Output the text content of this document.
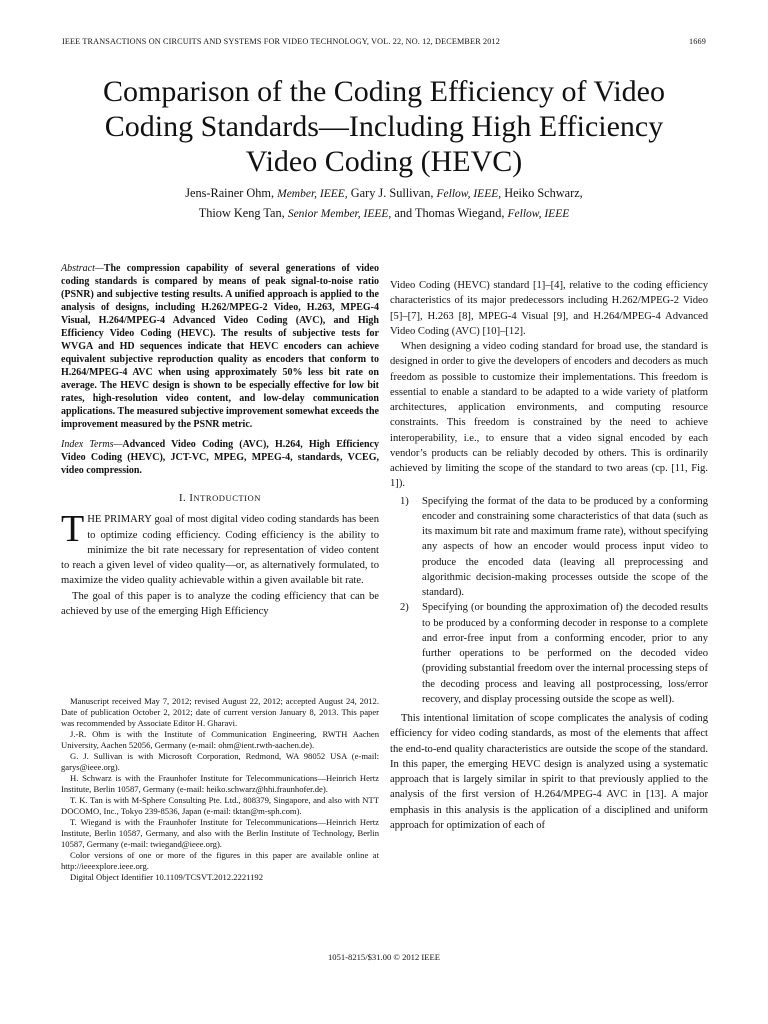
IEEE TRANSACTIONS ON CIRCUITS AND SYSTEMS FOR VIDEO TECHNOLOGY, VOL. 22, NO. 12, DECEMBER 2012	1669
Comparison of the Coding Efficiency of Video
Coding Standards—Including High Efficiency
Video Coding (HEVC)
Jens-Rainer Ohm, Member, IEEE, Gary J. Sullivan, Fellow, IEEE, Heiko Schwarz,
Thiow Keng Tan, Senior Member, IEEE, and Thomas Wiegand, Fellow, IEEE

Abstract—The compression capability of several generations of video coding standards is compared by means of peak signal-to-noise ratio (PSNR) and subjective testing results. A unified approach is applied to the analysis of designs, including H.262/MPEG-2 Video, H.263, MPEG-4 Visual, H.264/MPEG-4 Advanced Video Coding (AVC), and High Efficiency Video Coding (HEVC). The results of subjective tests for WVGA and HD sequences indicate that HEVC encoders can achieve equivalent subjective reproduction quality as encoders that conform to H.264/MPEG-4 AVC when using approximately 50% less bit rate on average. The HEVC design is shown to be especially effective for low bit rates, high-resolution video content, and low-delay communication applications. The measured subjective improvement somewhat exceeds the improvement measured by the PSNR metric.

Index Terms—Advanced Video Coding (AVC), H.264, High Efficiency Video Coding (HEVC), JCT-VC, MPEG, MPEG-4, standards, VCEG, video compression.

I. INTRODUCTION

THE PRIMARY goal of most digital video coding standards has been to optimize coding efficiency. Coding efficiency is the ability to minimize the bit rate necessary for representation of video content to reach a given level of video quality—or, as alternatively formulated, to maximize the video quality achievable within a given available bit rate.

The goal of this paper is to analyze the coding efficiency that can be achieved by use of the emerging High Efficiency

Manuscript received May 7, 2012; revised August 22, 2012; accepted August 24, 2012. Date of publication October 2, 2012; date of current version January 8, 2013. This paper was recommended by Associate Editor H. Gharavi.

J.-R. Ohm is with the Institute of Communication Engineering, RWTH Aachen University, Aachen 52056, Germany (e-mail: ohm@ient.rwth-aachen.de).

G. J. Sullivan is with Microsoft Corporation, Redmond, WA 98052 USA (e-mail: garys@ieee.org).

H. Schwarz is with the Fraunhofer Institute for Telecommunications—Heinrich Hertz Institute, Berlin 10587, Germany (e-mail: heiko.schwarz@hhi.fraunhofer.de).

T. K. Tan is with M-Sphere Consulting Pte. Ltd., 808379, Singapore, and also with NTT DOCOMO, Inc., Tokyo 239-8536, Japan (e-mail: tktan@m-sph.com).

T. Wiegand is with the Fraunhofer Institute for Telecommunications—Heinrich Hertz Institute, Berlin 10587, Germany, and also with the Berlin Institute of Technology, Berlin 10587, Germany (e-mail: twiegand@ieee.org).

Color versions of one or more of the figures in this paper are available online at http://ieeexplore.ieee.org.

Digital Object Identifier 10.1109/TCSVT.2012.2221192

Video Coding (HEVC) standard [1]–[4], relative to the coding efficiency characteristics of its major predecessors including H.262/MPEG-2 Video [5]–[7], H.263 [8], MPEG-4 Visual [9], and H.264/MPEG-4 Advanced Video Coding (AVC) [10]–[12].

When designing a video coding standard for broad use, the standard is designed in order to give the developers of encoders and decoders as much freedom as possible to customize their implementations. This freedom is essential to enable a standard to be adapted to a wide variety of platform architectures, application environments, and computing resource constraints. This freedom is constrained by the need to achieve interoperability, i.e., to ensure that a video signal encoded by each vendor’s products can be reliably decoded by others. This is ordinarily achieved by limiting the scope of the standard to two areas (cp. [11, Fig. 1]).

1) Specifying the format of the data to be produced by a conforming encoder and constraining some characteristics of that data (such as its maximum bit rate and maximum frame rate), without specifying any aspects of how an encoder would process input video to produce the encoded data (leaving all preprocessing and algorithmic decision-making processes outside the scope of the standard).
2) Specifying (or bounding the approximation of) the decoded results to be produced by a conforming decoder in response to a complete and error-free input from a conforming encoder, prior to any further operations to be performed on the decoded video (providing substantial freedom over the internal processing steps of the decoding process and leaving all postprocessing, loss/error recovery, and display processing outside the scope as well).

This intentional limitation of scope complicates the analysis of coding efficiency for video coding standards, as most of the elements that affect the end-to-end quality characteristics are outside the scope of the standard. In this paper, the emerging HEVC design is analyzed using a systematic approach that is largely similar in spirit to that previously applied to the analysis of the first version of H.264/MPEG-4 AVC in [13]. A major emphasis in this analysis is the application of a disciplined and uniform approach for optimization of each of

1051-8215/$31.00 © 2012 IEEE
